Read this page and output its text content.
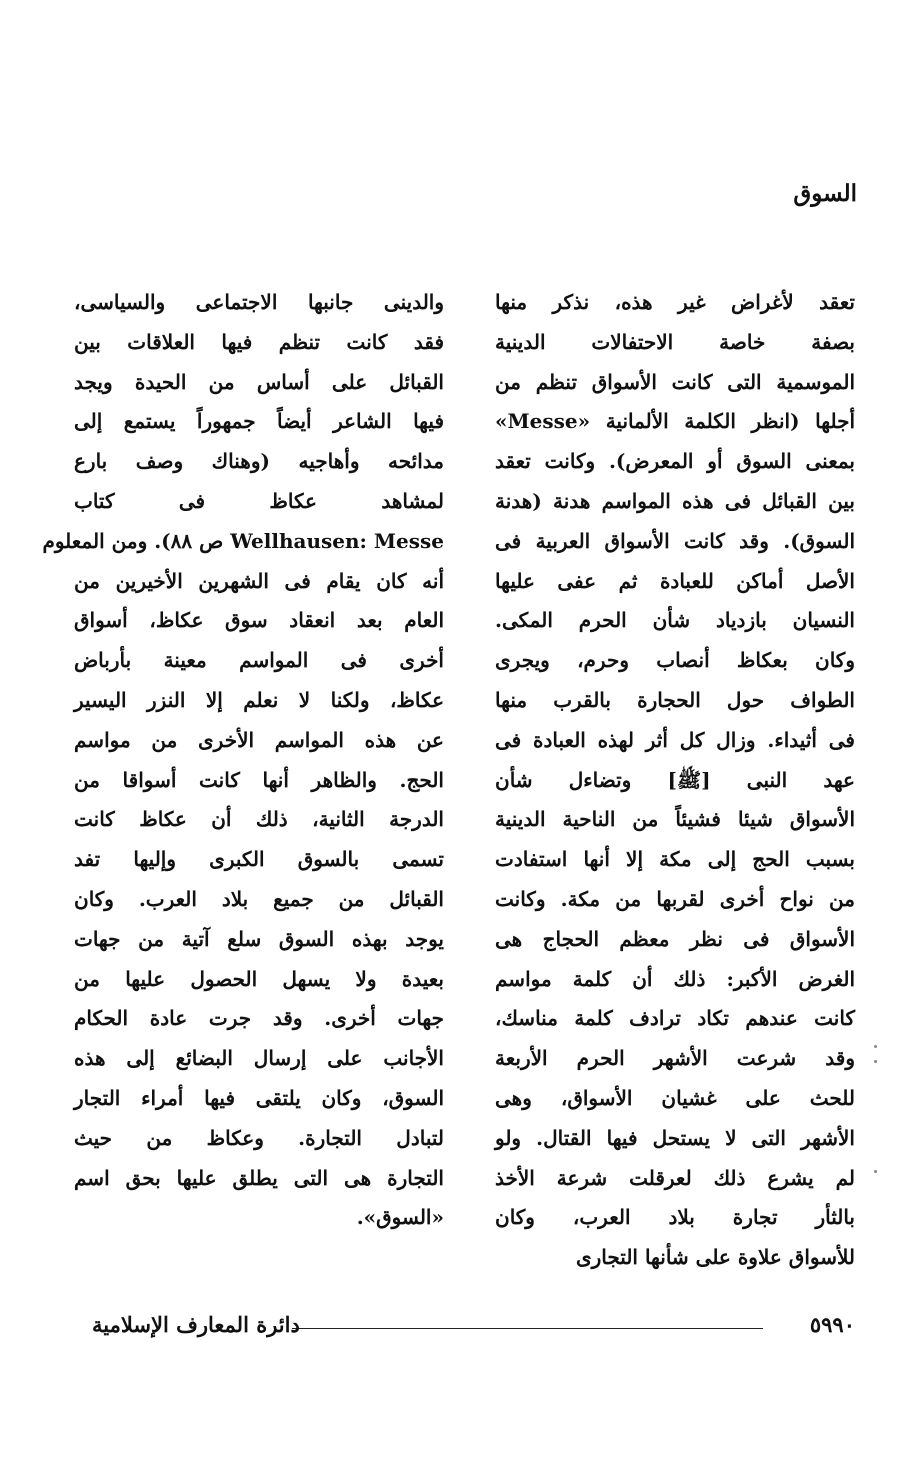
السوق
تعقد لأغراض غير هذه، نذكر منها
بصفة خاصة الاحتفالات الدينية
الموسمية التى كانت الأسواق تنظم من
أجلها (انظر الكلمة الألمانية «Messe»
بمعنى السوق أو المعرض). وكانت تعقد
بين القبائل فى هذه المواسم هدنة (هدنة
السوق). وقد كانت الأسواق العربية فى
الأصل أماكن للعبادة ثم عفى عليها
النسيان بازدياد شأن الحرم المكى.
وكان بعكاظ أنصاب وحرم، ويجرى
الطواف حول الحجارة بالقرب منها
فى أثيداء. وزال كل أثر لهذه العبادة فى
عهد النبى [ﷺ] وتضاءل شأن
الأسواق شيئا فشيئاً من الناحية الدينية
بسبب الحج إلى مكة إلا أنها استفادت
من نواح أخرى لقربها من مكة. وكانت
الأسواق فى نظر معظم الحجاج هى
الغرض الأكبر: ذلك أن كلمة مواسم
كانت عندهم تكاد ترادف كلمة مناسك،
وقد شرعت الأشهر الحرم الأربعة
للحث على غشيان الأسواق، وهى
الأشهر التى لا يستحل فيها القتال. ولو
لم يشرع ذلك لعرقلت شرعة الأخذ
بالثأر تجارة بلاد العرب، وكان
للأسواق علاوة على شأنها التجارى
والدينى جانبها الاجتماعى والسياسى،
فقد كانت تنظم فيها العلاقات بين
القبائل على أساس من الحيدة ويجد
فيها الشاعر أيضاً جمهوراً يستمع إلى
مدائحه وأهاجيه (وهناك وصف بارع
لمشاهد عكاظ فى كتاب
Wellhausen: Messe ص ٨٨). ومن المعلوم
أنه كان يقام فى الشهرين الأخيرين من
العام بعد انعقاد سوق عكاظ، أسواق
أخرى فى المواسم معينة بأرباض
عكاظ، ولكنا لا نعلم إلا النزر اليسير
عن هذه المواسم الأخرى من مواسم
الحج. والظاهر أنها كانت أسواقا من
الدرجة الثانية، ذلك أن عكاظ كانت
تسمى بالسوق الكبرى وإليها تفد
القبائل من جميع بلاد العرب. وكان
يوجد بهذه السوق سلع آتية من جهات
بعيدة ولا يسهل الحصول عليها من
جهات أخرى. وقد جرت عادة الحكام
الأجانب على إرسال البضائع إلى هذه
السوق، وكان يلتقى فيها أمراء التجار
لتبادل التجارة. وعكاظ من حيث
التجارة هى التى يطلق عليها بحق اسم
«السوق».
٥٩٩٠
دائرة المعارف الإسلامية
